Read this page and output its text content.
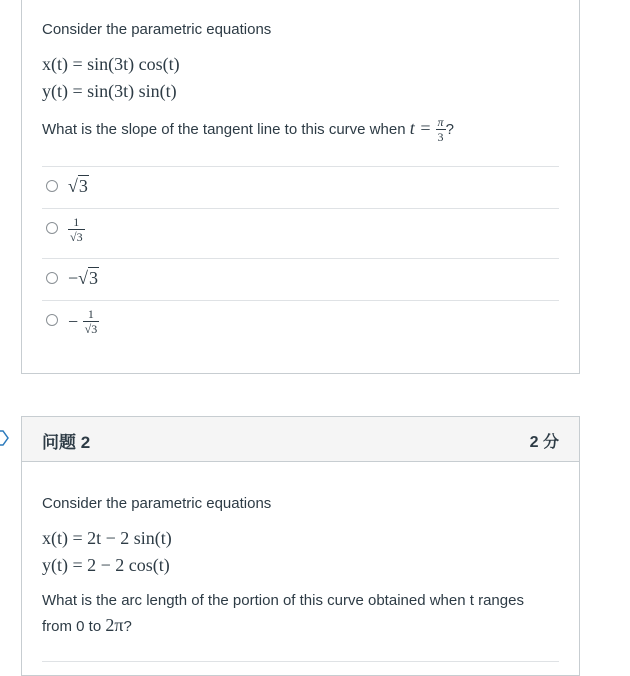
Consider the parametric equations
x(t) = sin(3t) cos(t)
y(t) = sin(3t) sin(t)
What is the slope of the tangent line to this curve when $t = \frac{\pi}{3}$ ?
√3
$\frac{1}{√3}$
−√3
− $\frac{1}{√3}$
问题 2	2 分
Consider the parametric equations
x(t) = 2t − 2 sin(t)
y(t) = 2 − 2 cos(t)
What is the arc length of the portion of this curve obtained when t ranges
from 0 to 2π?
